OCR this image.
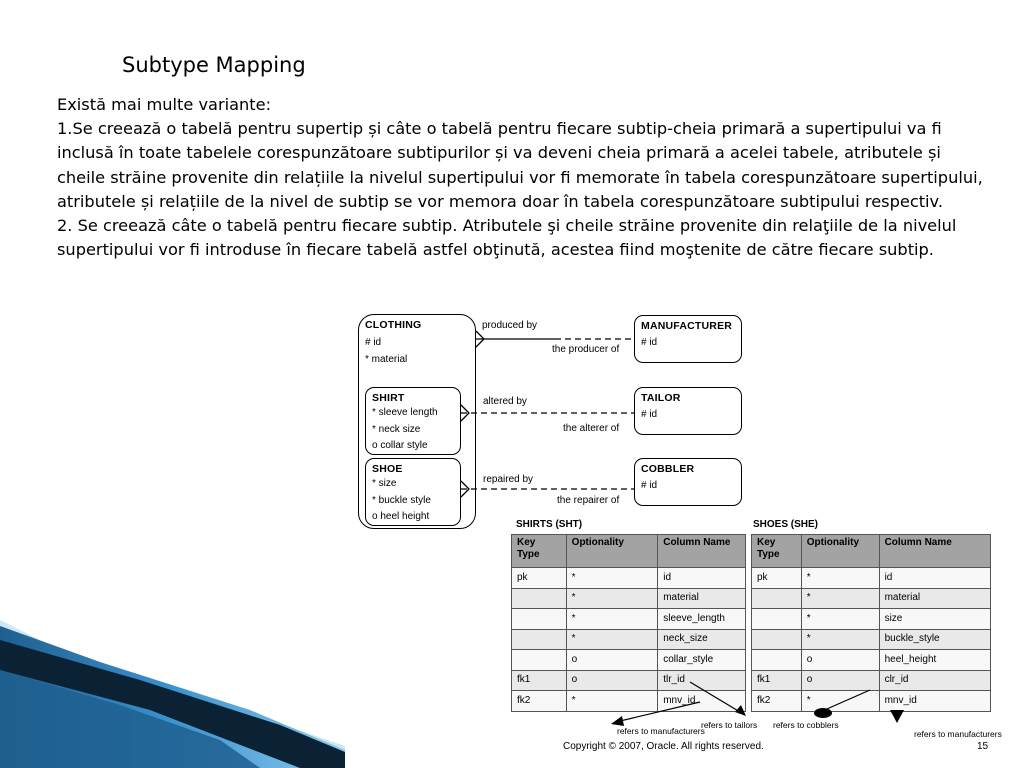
Subtype Mapping

Există mai multe variante:

1.Se creează o tabelă pentru supertip și câte o tabelă pentru fiecare subtip-cheia primară a supertipului va fi inclusă în toate tabelele corespunzătoare subtipurilor și va deveni cheia primară a acelei tabele, atributele și cheile străine provenite din relațiile la nivelul supertipului vor fi memorate în tabela corespunzătoare supertipului, atributele și relațiile de la nivel de subtip se vor memora doar în tabela corespunzătoare subtipului respectiv.

2. Se creează câte o tabelă pentru fiecare subtip. Atributele şi cheile străine provenite din relaţiile de la nivelul supertipului vor fi introduse în fiecare tabelă astfel obţinută, acestea fiind moştenite de către fiecare subtip.

CLOTHING
# id
* material
SHIRT
* sleeve length
* neck size
o collar style
SHOE
* size
* buckle style
o heel height
MANUFACTURER
# id
TAILOR
# id
COBBLER
# id
produced by
the producer of
altered by
the alterer of
repaired by
the repairer of
SHIRTS (SHT)
Key Type	Optionality	Column Name
pk	*	id
	*	material
	*	sleeve_length
	*	neck_size
	o	collar_style
fk1	o	tlr_id
fk2	*	mnv_id
SHOES (SHE)
Key Type	Optionality	Column Name
pk	*	id
	*	material
	*	size
	*	buckle_style
	o	heel_height
fk1	o	clr_id
fk2	*	mnv_id
refers to manufacturers
refers to tailors refers to cobblers
refers to manufacturers
Copyright © 2007, Oracle. All rights reserved.	15
